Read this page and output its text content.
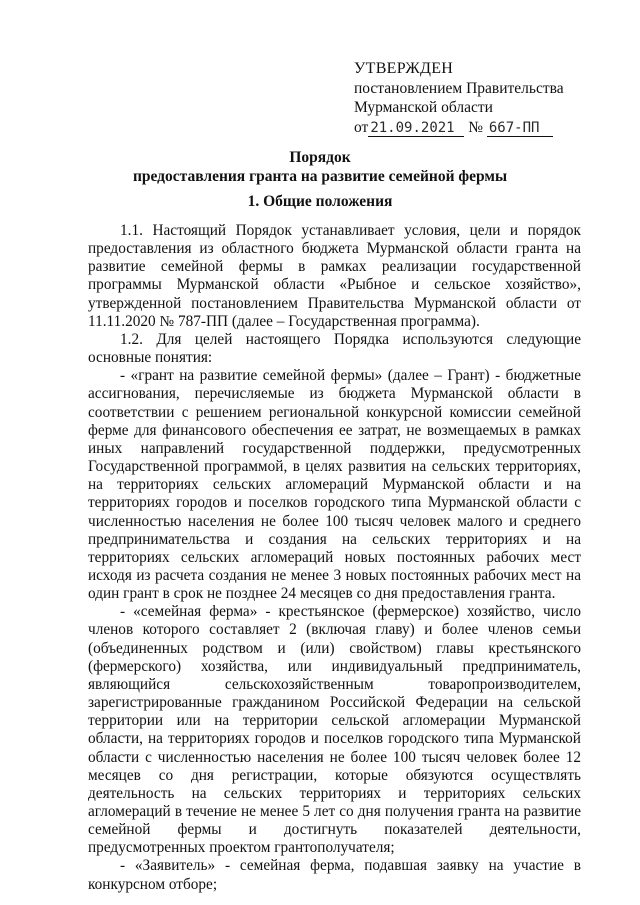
УТВЕРЖДЕН
постановлением Правительства
Мурманской области
от 21.09.2021 № 667-ПП
Порядок
предоставления гранта на развитие семейной фермы
1. Общие положения

1.1. Настоящий Порядок устанавливает условия, цели и порядок предоставления из областного бюджета Мурманской области гранта на развитие семейной фермы в рамках реализации государственной программы Мурманской области «Рыбное и сельское хозяйство», утвержденной постановлением Правительства Мурманской области от 11.11.2020 № 787-ПП (далее – Государственная программа).

1.2. Для целей настоящего Порядка используются следующие основные понятия:

- «грант на развитие семейной фермы» (далее – Грант) - бюджетные ассигнования, перечисляемые из бюджета Мурманской области в соответствии с решением региональной конкурсной комиссии семейной ферме для финансового обеспечения ее затрат, не возмещаемых в рамках иных направлений государственной поддержки, предусмотренных Государственной программой, в целях развития на сельских территориях, на территориях сельских агломераций Мурманской области и на территориях городов и поселков городского типа Мурманской области с численностью населения не более 100 тысяч человек малого и среднего предпринимательства и создания на сельских территориях и на территориях сельских агломераций новых постоянных рабочих мест исходя из расчета создания не менее 3 новых постоянных рабочих мест на один грант в срок не позднее 24 месяцев со дня предоставления гранта.

- «семейная ферма» - крестьянское (фермерское) хозяйство, число членов которого составляет 2 (включая главу) и более членов семьи (объединенных родством и (или) свойством) главы крестьянского (фермерского) хозяйства, или индивидуальный предприниматель, являющийся сельскохозяйственным товаропроизводителем, зарегистрированные гражданином Российской Федерации на сельской территории или на территории сельской агломерации Мурманской области, на территориях городов и поселков городского типа Мурманской области с численностью населения не более 100 тысяч человек более 12 месяцев со дня регистрации, которые обязуются осуществлять деятельность на сельских территориях и территориях сельских агломераций в течение не менее 5 лет со дня получения гранта на развитие семейной фермы и достигнуть показателей деятельности, предусмотренных проектом грантополучателя;

- «Заявитель» - семейная ферма, подавшая заявку на участие в конкурсном отборе;
